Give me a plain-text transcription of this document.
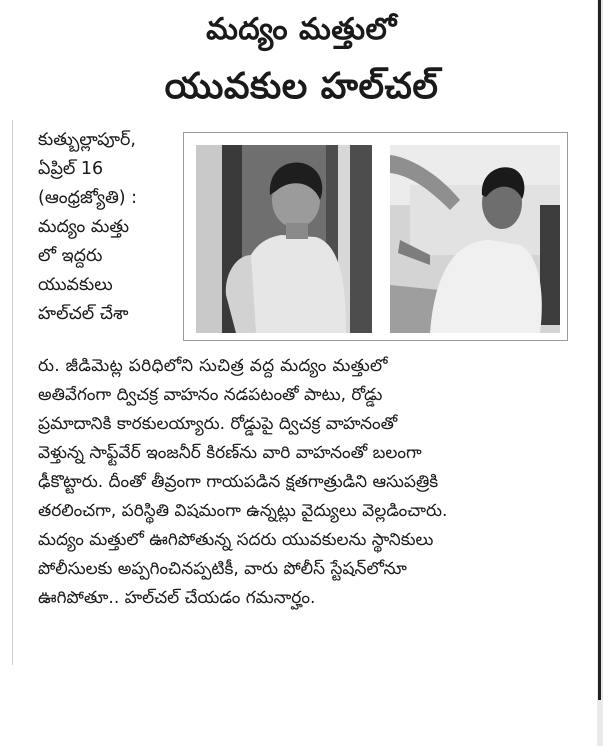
మద్యం మత్తులో
యువకుల హల్‌చల్
కుత్బుల్లాపూర్,
ఏప్రిల్ 16
(ఆంధ్రజ్యోతి) :
మద్యం మత్తు
లో ఇద్దరు
యువకులు
హల్‌చల్ చేశా
రు. జీడిమెట్ల పరిధిలోని సుచిత్ర వద్ద మద్యం మత్తులో
అతివేగంగా ద్విచక్ర వాహనం నడపటంతో పాటు, రోడ్డు
ప్రమాదానికి కారకులయ్యారు. రోడ్డుపై ద్విచక్ర వాహనంతో
వెళ్తున్న సాఫ్ట్‌వేర్ ఇంజనీర్ కిరణ్‌ను వారి వాహనంతో బలంగా
ఢీకొట్టారు. దీంతో తీవ్రంగా గాయపడిన క్షతగాత్రుడిని ఆసుపత్రికి
తరలించగా, పరిస్థితి విషమంగా ఉన్నట్లు వైద్యులు వెల్లడించారు.
మద్యం మత్తులో ఊగిపోతున్న సదరు యువకులను స్థానికులు
పోలీసులకు అప్పగించినప్పటికీ, వారు పోలీస్ స్టేషన్‌లోనూ
ఊగిపోతూ.. హల్‌చల్ చేయడం గమనార్హం.
